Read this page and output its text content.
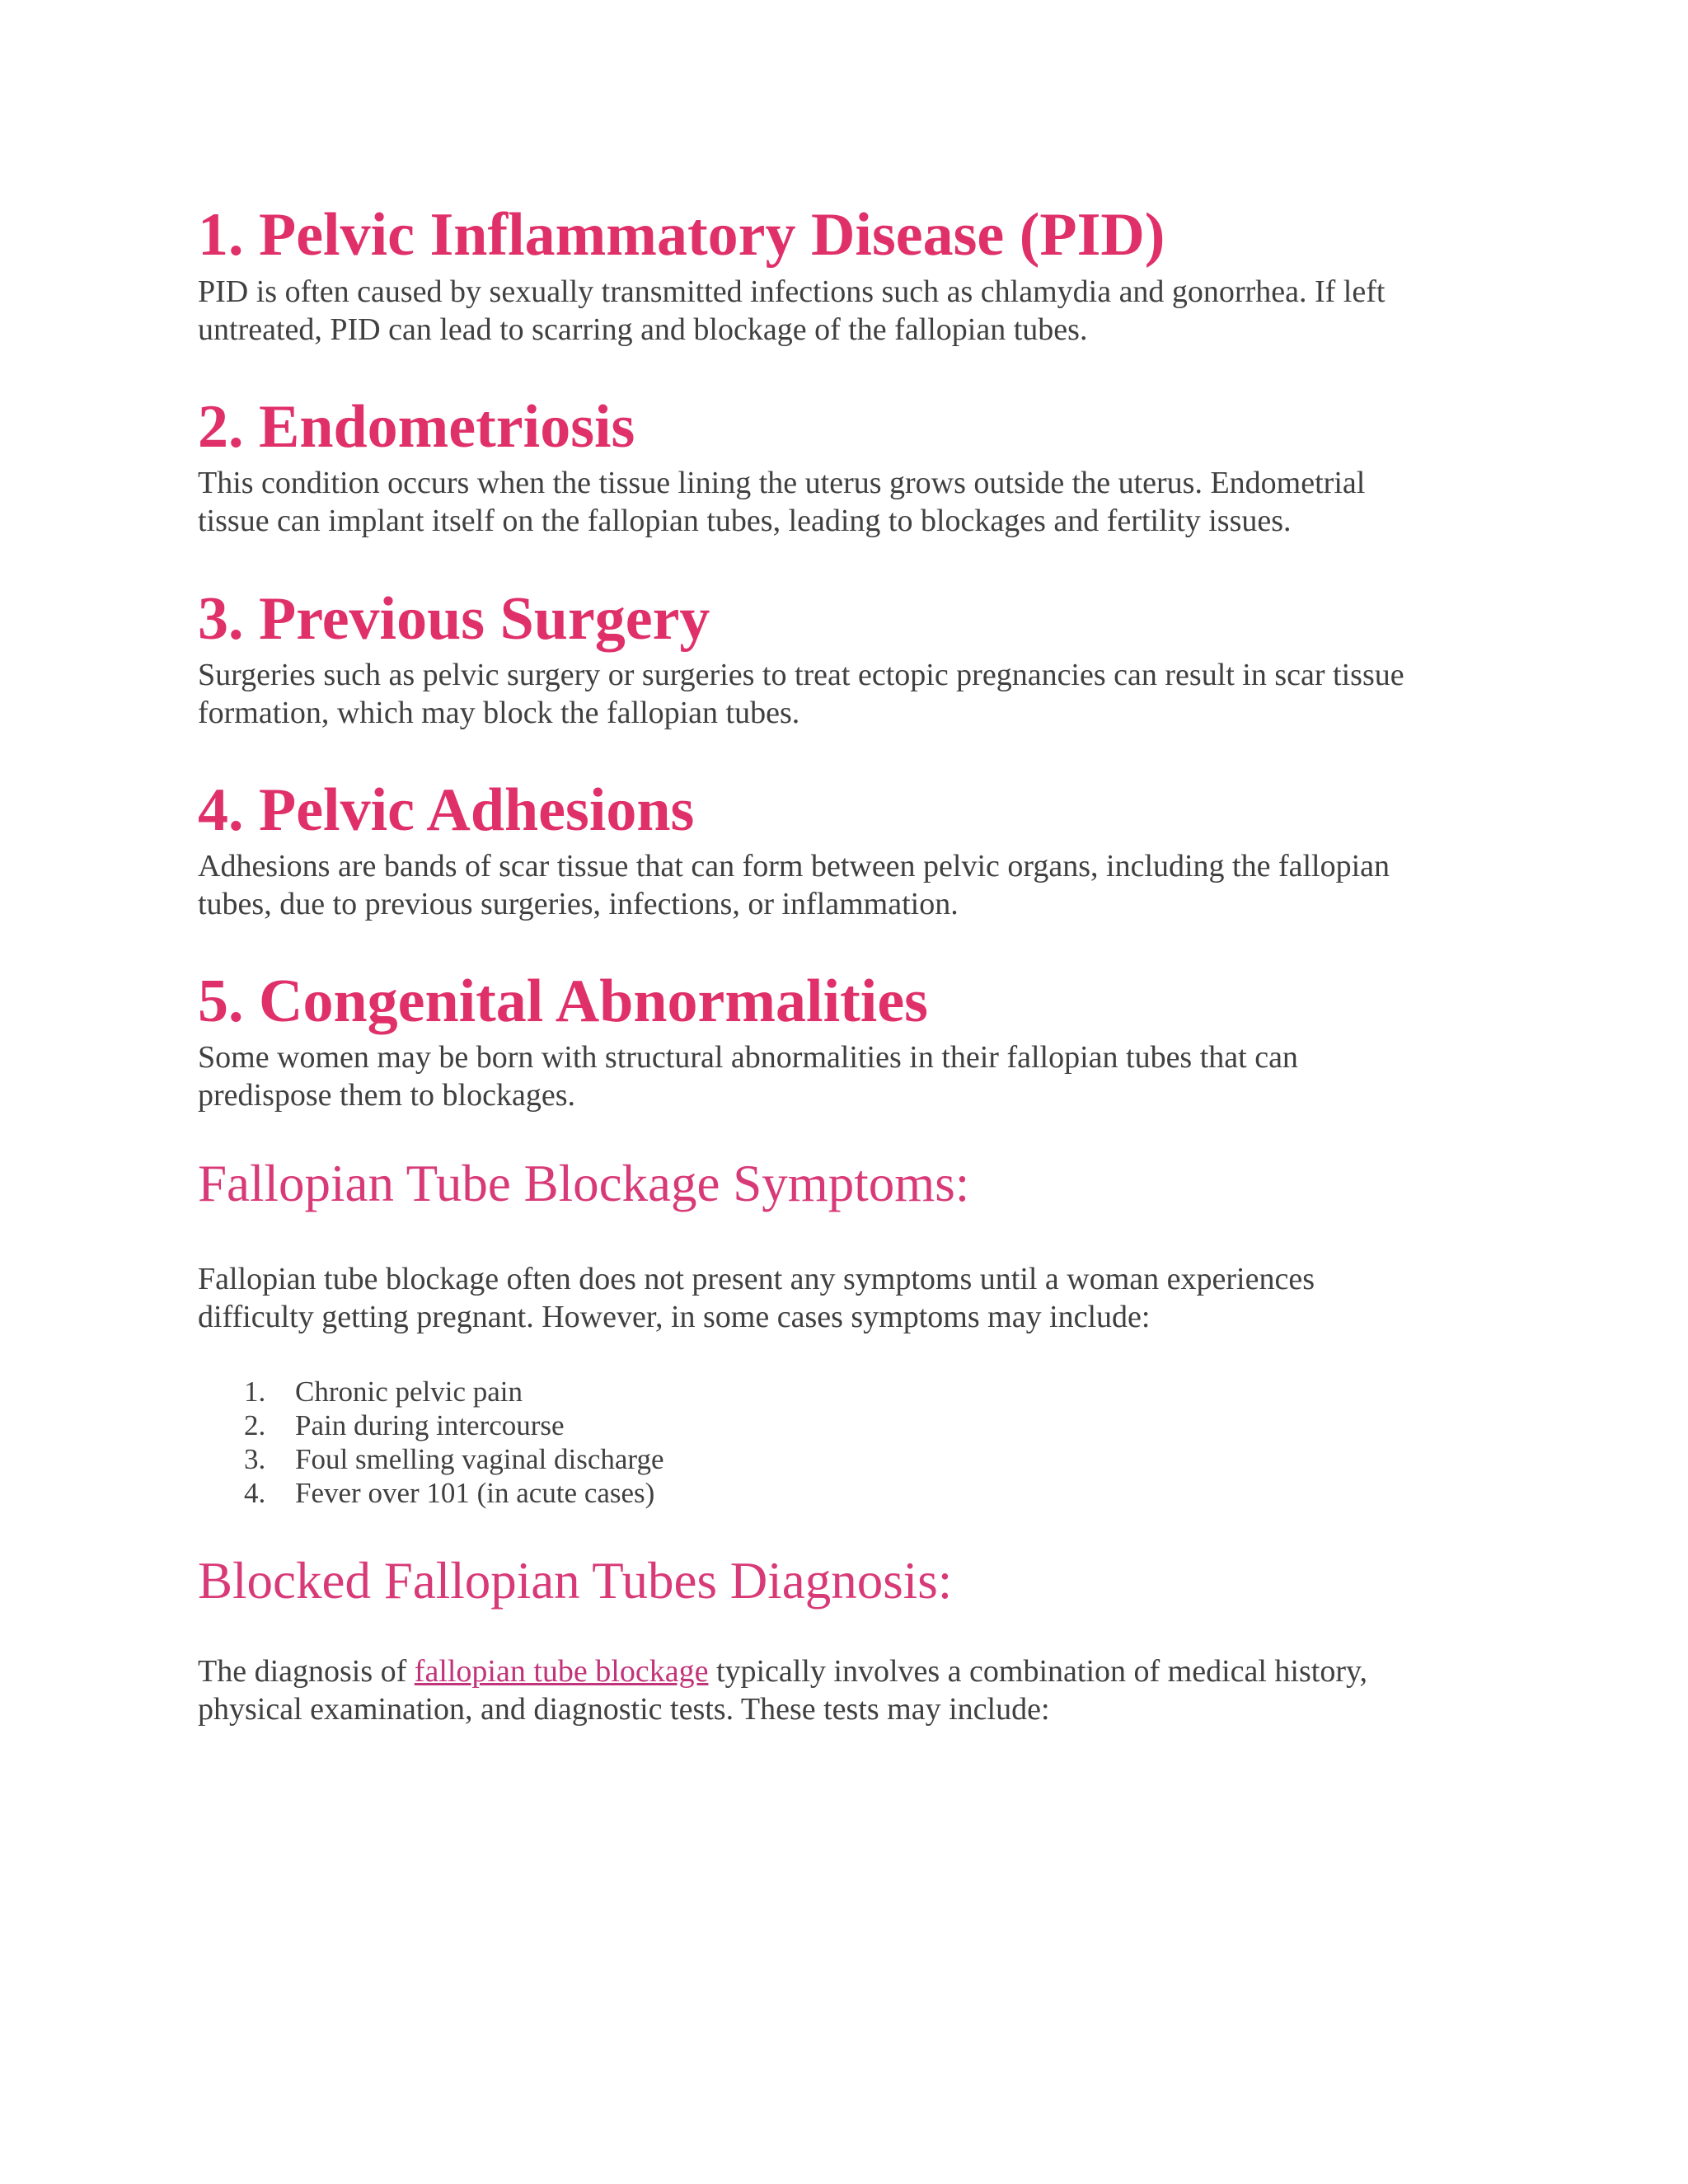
1. Pelvic Inflammatory Disease (PID)
PID is often caused by sexually transmitted infections such as chlamydia and gonorrhea. If left
untreated, PID can lead to scarring and blockage of the fallopian tubes.
2. Endometriosis
This condition occurs when the tissue lining the uterus grows outside the uterus. Endometrial
tissue can implant itself on the fallopian tubes, leading to blockages and fertility issues.
3. Previous Surgery
Surgeries such as pelvic surgery or surgeries to treat ectopic pregnancies can result in scar tissue
formation, which may block the fallopian tubes.
4. Pelvic Adhesions
Adhesions are bands of scar tissue that can form between pelvic organs, including the fallopian
tubes, due to previous surgeries, infections, or inflammation.
5. Congenital Abnormalities
Some women may be born with structural abnormalities in their fallopian tubes that can
predispose them to blockages.
Fallopian Tube Blockage Symptoms:
Fallopian tube blockage often does not present any symptoms until a woman experiences
difficulty getting pregnant. However, in some cases symptoms may include:
1. Chronic pelvic pain
2. Pain during intercourse
3. Foul smelling vaginal discharge
4. Fever over 101 (in acute cases)
Blocked Fallopian Tubes Diagnosis:
The diagnosis of fallopian tube blockage typically involves a combination of medical history,
physical examination, and diagnostic tests. These tests may include:
